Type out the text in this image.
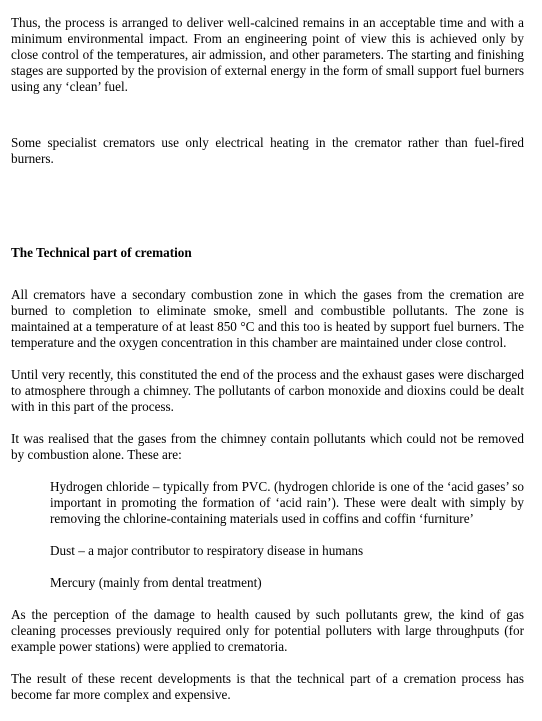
Thus, the process is arranged to deliver well-calcined remains in an acceptable time and with a minimum environmental impact. From an engineering point of view this is achieved only by close control of the temperatures, air admission, and other parameters. The starting and finishing stages are supported by the provision of external energy in the form of small support fuel burners using any ‘clean’ fuel.

Some specialist cremators use only electrical heating in the cremator rather than fuel-fired burners.

The Technical part of cremation

All cremators have a secondary combustion zone in which the gases from the cremation are burned to completion to eliminate smoke, smell and combustible pollutants. The zone is maintained at a temperature of at least 850 °C and this too is heated by support fuel burners. The temperature and the oxygen concentration in this chamber are maintained under close control.

Until very recently, this constituted the end of the process and the exhaust gases were discharged to atmosphere through a chimney. The pollutants of carbon monoxide and dioxins could be dealt with in this part of the process.

It was realised that the gases from the chimney contain pollutants which could not be removed by combustion alone. These are:

Hydrogen chloride – typically from PVC. (hydrogen chloride is one of the ‘acid gases’ so important in promoting the formation of ‘acid rain’). These were dealt with simply by removing the chlorine-containing materials used in coffins and coffin ‘furniture’

Dust – a major contributor to respiratory disease in humans

Mercury (mainly from dental treatment)

As the perception of the damage to health caused by such pollutants grew, the kind of gas cleaning processes previously required only for potential polluters with large throughputs (for example power stations) were applied to crematoria.

The result of these recent developments is that the technical part of a cremation process has become far more complex and expensive.
